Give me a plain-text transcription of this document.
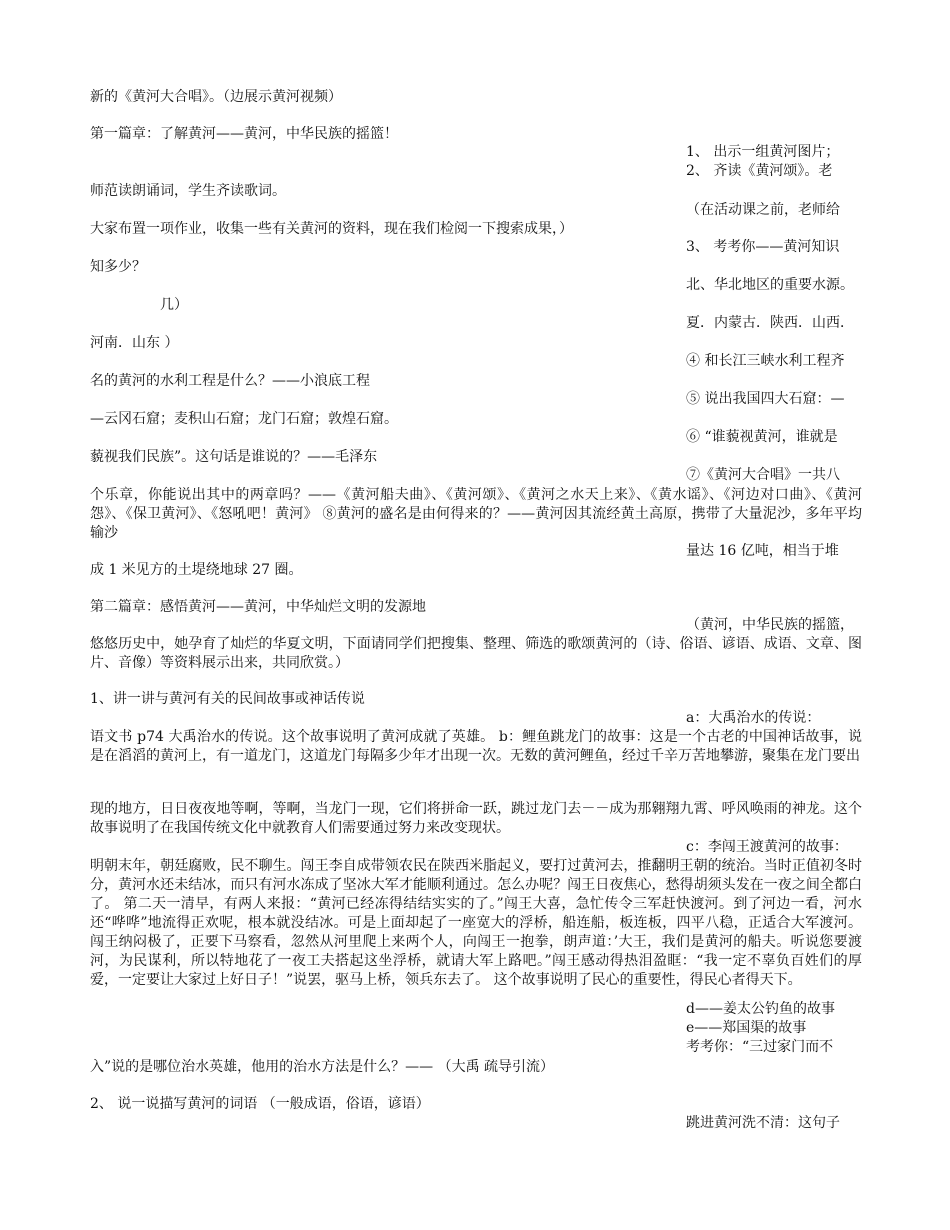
新的《黄河大合唱》。（边展示黄河视频）
第一篇章：了解黄河——黄河，中华民族的摇篮！
1、 出示一组黄河图片；
2、 齐读《黄河颂》。老
师范读朗诵词，学生齐读歌词。
（在活动课之前，老师给
大家布置一项作业，收集一些有关黄河的资料，现在我们检阅一下搜索成果，）
3、 考考你——黄河知识
知多少？
北、华北地区的重要水源。
几）
夏．内蒙古．陕西．山西．
河南．山东 ）
④ 和长江三峡水利工程齐
名的黄河的水利工程是什么？——小浪底工程
⑤ 说出我国四大石窟：—
—云冈石窟；麦积山石窟；龙门石窟；敦煌石窟。
⑥ “谁藐视黄河，谁就是
藐视我们民族”。这句话是谁说的？——毛泽东
⑦《黄河大合唱》一共八
个乐章，你能说出其中的两章吗？——《黄河船夫曲》、《黄河颂》、《黄河之水天上来》、《黄水谣》、《河边对口曲》、《黄河怨》、《保卫黄河》、《怒吼吧！黄河》 ⑧黄河的盛名是由何得来的？——黄河因其流经黄土高原，携带了大量泥沙，多年平均输沙
量达 16 亿吨，相当于堆
成 1 米见方的土堤绕地球 27 圈。
第二篇章：感悟黄河——黄河，中华灿烂文明的发源地
（黄河，中华民族的摇篮，
悠悠历史中，她孕育了灿烂的华夏文明，下面请同学们把搜集、整理、筛选的歌颂黄河的（诗、俗语、谚语、成语、文章、图片、音像）等资料展示出来，共同欣赏。）
1、讲一讲与黄河有关的民间故事或神话传说
a：大禹治水的传说：
语文书 p74 大禹治水的传说。这个故事说明了黄河成就了英雄。 b：鲤鱼跳龙门的故事：这是一个古老的中国神话故事，说是在滔滔的黄河上，有一道龙门，这道龙门每隔多少年才出现一次。无数的黄河鲤鱼，经过千辛万苦地攀游，聚集在龙门要出
现的地方，日日夜夜地等啊，等啊，当龙门一现，它们将拼命一跃，跳过龙门去－－成为那翱翔九霄、呼风唤雨的神龙。这个故事说明了在我国传统文化中就教育人们需要通过努力来改变现状。
c：李闯王渡黄河的故事：
明朝末年，朝廷腐败，民不聊生。闯王李自成带领农民在陕西米脂起义，要打过黄河去，推翻明王朝的统治。当时正值初冬时分，黄河水还未结冰，而只有河水冻成了坚冰大军才能顺利通过。怎么办呢？闯王日夜焦心，愁得胡须头发在一夜之间全都白了。 第二天一清早，有两人来报：“黄河已经冻得结结实实的了。”闯王大喜，急忙传令三军赶快渡河。到了河边一看，河水还“哗哗”地流得正欢呢，根本就没结冰。可是上面却起了一座宽大的浮桥，船连船，板连板，四平八稳，正适合大军渡河。 闯王纳闷极了，正要下马察看，忽然从河里爬上来两个人，向闯王一抱拳，朗声道：’大王，我们是黄河的船夫。听说您要渡河，为民谋利，所以特地花了一夜工夫搭起这坐浮桥，就请大军上路吧。”闯王感动得热泪盈眶：“我一定不辜负百姓们的厚爱，一定要让大家过上好日子！”说罢，驱马上桥，领兵东去了。 这个故事说明了民心的重要性，得民心者得天下。
d——姜太公钓鱼的故事
e——郑国渠的故事
考考你：“三过家门而不
入”说的是哪位治水英雄，他用的治水方法是什么？—— （大禹 疏导引流）
2、 说一说描写黄河的词语 （一般成语，俗语，谚语）
跳进黄河洗不清：这句子
